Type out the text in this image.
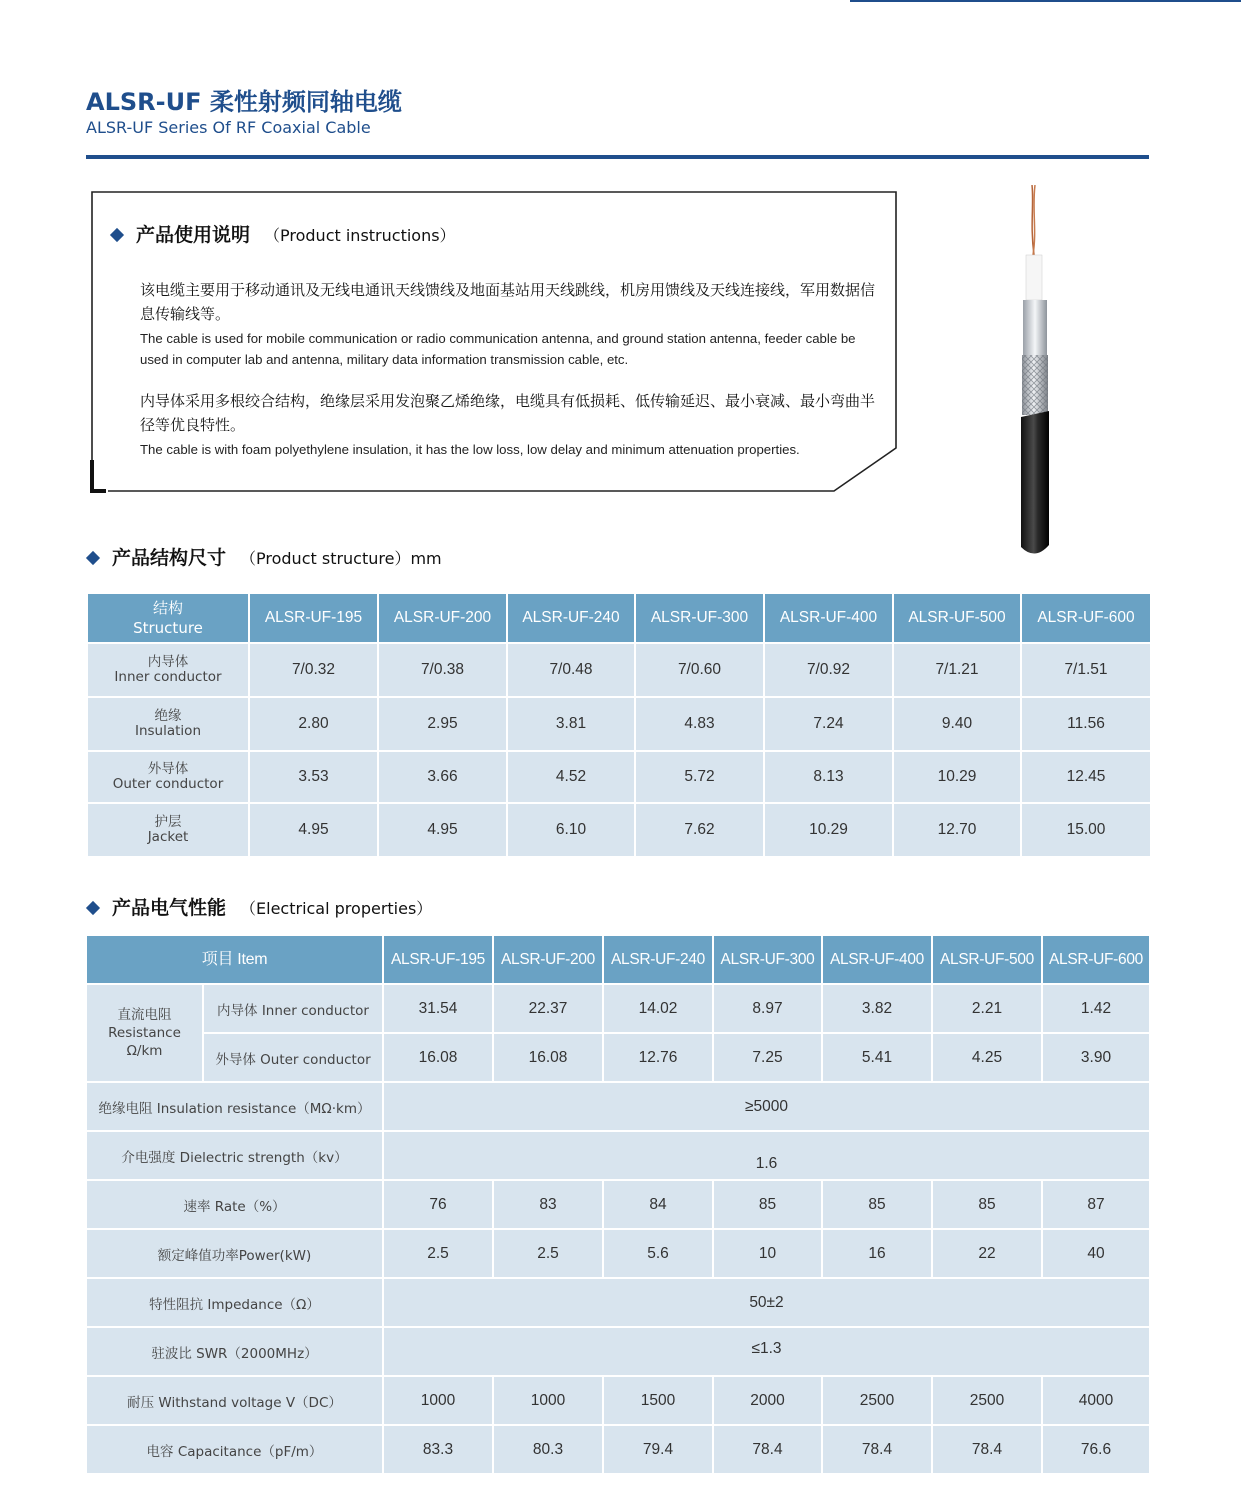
ALSR-UF 柔性射频同轴电缆
ALSR-UF Series Of RF Coaxial Cable
产品使用说明 （Product instructions）
该电缆主要用于移动通讯及无线电通讯天线馈线及地面基站用天线跳线，机房用馈线及天线连接线，军用数据信息传输线等。
The cable is used for mobile communication or radio communication antenna, and ground station antenna, feeder cable be used in computer lab and antenna, military data information transmission cable, etc.
内导体采用多根绞合结构，绝缘层采用发泡聚乙烯绝缘，电缆具有低损耗、低传输延迟、最小衰减、最小弯曲半径等优良特性。
The cable is with foam polyethylene insulation, it has the low loss, low delay and minimum attenuation properties.
产品结构尺寸 （Product structure）mm
结构
Structure	ALSR-UF-195	ALSR-UF-200	ALSR-UF-240	ALSR-UF-300	ALSR-UF-400	ALSR-UF-500	ALSR-UF-600

内导体
Inner conductor	7/0.32	7/0.38	7/0.48	7/0.60	7/0.92	7/1.21	7/1.51

绝缘
Insulation	2.80	2.95	3.81	4.83	7.24	9.40	11.56

外导体
Outer conductor	3.53	3.66	4.52	5.72	8.13	10.29	12.45

护层
Jacket	4.95	4.95	6.10	7.62	10.29	12.70	15.00
产品电气性能 （Electrical properties）
项目 Item		ALSR-UF-195	ALSR-UF-200	ALSR-UF-240	ALSR-UF-300	ALSR-UF-400	ALSR-UF-500	ALSR-UF-600

直流电阻
Resistance
Ω/km	内导体 Inner conductor	31.54	22.37	14.02	8.97	3.82	2.21	1.42
	外导体 Outer conductor	16.08	16.08	12.76	7.25	5.41	4.25	3.90
绝缘电阻 Insulation resistance（MΩ·km）		≥5000						
介电强度 Dielectric strength（kv）		1.6						
速率 Rate（%）		76	83	84	85	85	85	87
额定峰值功率Power(kW)		2.5	2.5	5.6	10	16	22	40
特性阻抗 Impedance（Ω）		50±2						
驻波比 SWR（2000MHz）		≤1.3						
耐压 Withstand voltage V（DC）		1000	1000	1500	2000	2500	2500	4000
电容 Capacitance（pF/m）		83.3	80.3	79.4	78.4	78.4	78.4	76.6
